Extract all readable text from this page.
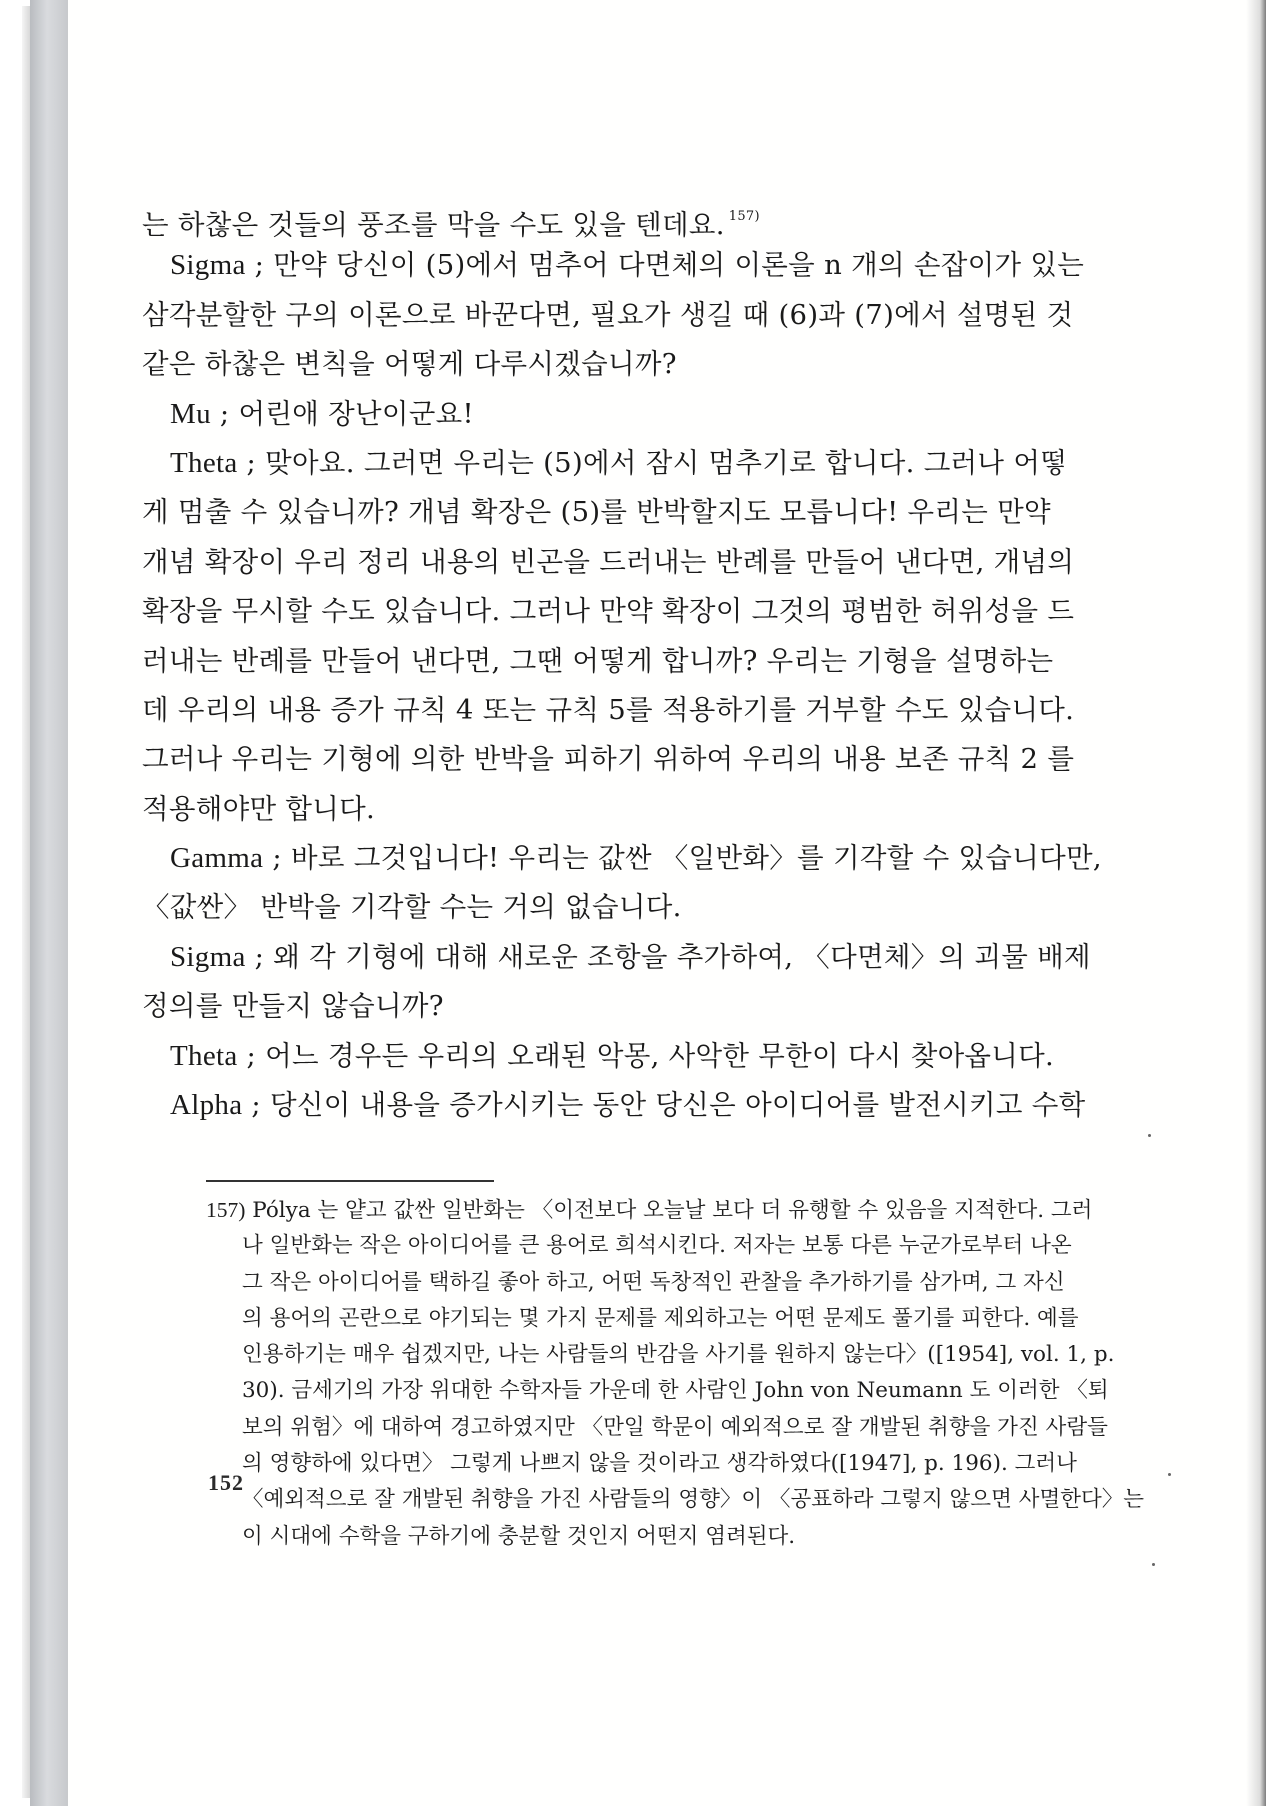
는 하찮은 것들의 풍조를 막을 수도 있을 텐데요. $^{157)}$
Sigma ; 만약 당신이 (5)에서 멈추어 다면체의 이론을 n 개의 손잡이가 있는
삼각분할한 구의 이론으로 바꾼다면, 필요가 생길 때 (6)과 (7)에서 설명된 것
같은 하찮은 변칙을 어떻게 다루시겠습니까?
Mu ; 어린애 장난이군요!
Theta ; 맞아요. 그러면 우리는 (5)에서 잠시 멈추기로 합니다. 그러나 어떻
게 멈출 수 있습니까? 개념 확장은 (5)를 반박할지도 모릅니다! 우리는 만약
개념 확장이 우리 정리 내용의 빈곤을 드러내는 반례를 만들어 낸다면, 개념의
확장을 무시할 수도 있습니다. 그러나 만약 확장이 그것의 평범한 허위성을 드
러내는 반례를 만들어 낸다면, 그땐 어떻게 합니까? 우리는 기형을 설명하는
데 우리의 내용 증가 규칙 4 또는 규칙 5를 적용하기를 거부할 수도 있습니다.
그러나 우리는 기형에 의한 반박을 피하기 위하여 우리의 내용 보존 규칙 2 를
적용해야만 합니다.
Gamma ; 바로 그것입니다! 우리는 값싼 〈일반화〉를 기각할 수 있습니다만,
〈값싼〉 반박을 기각할 수는 거의 없습니다.
Sigma ; 왜 각 기형에 대해 새로운 조항을 추가하여, 〈다면체〉의 괴물 배제
정의를 만들지 않습니까?
Theta ; 어느 경우든 우리의 오래된 악몽, 사악한 무한이 다시 찾아옵니다.
Alpha ; 당신이 내용을 증가시키는 동안 당신은 아이디어를 발전시키고 수학
157) Pólya 는 얕고 값싼 일반화는 〈이전보다 오늘날 보다 더 유행할 수 있음을 지적한다. 그러
나 일반화는 작은 아이디어를 큰 용어로 희석시킨다. 저자는 보통 다른 누군가로부터 나온
그 작은 아이디어를 택하길 좋아 하고, 어떤 독창적인 관찰을 추가하기를 삼가며, 그 자신
의 용어의 곤란으로 야기되는 몇 가지 문제를 제외하고는 어떤 문제도 풀기를 피한다. 예를
인용하기는 매우 쉽겠지만, 나는 사람들의 반감을 사기를 원하지 않는다〉([1954], vol. 1, p.
30). 금세기의 가장 위대한 수학자들 가운데 한 사람인 John von Neumann 도 이러한 〈퇴
보의 위험〉에 대하여 경고하였지만 〈만일 학문이 예외적으로 잘 개발된 취향을 가진 사람들
의 영향하에 있다면〉 그렇게 나쁘지 않을 것이라고 생각하였다([1947], p. 196). 그러나
〈예외적으로 잘 개발된 취향을 가진 사람들의 영향〉이 〈공표하라 그렇지 않으면 사멸한다〉는
이 시대에 수학을 구하기에 충분할 것인지 어떤지 염려된다.
152
